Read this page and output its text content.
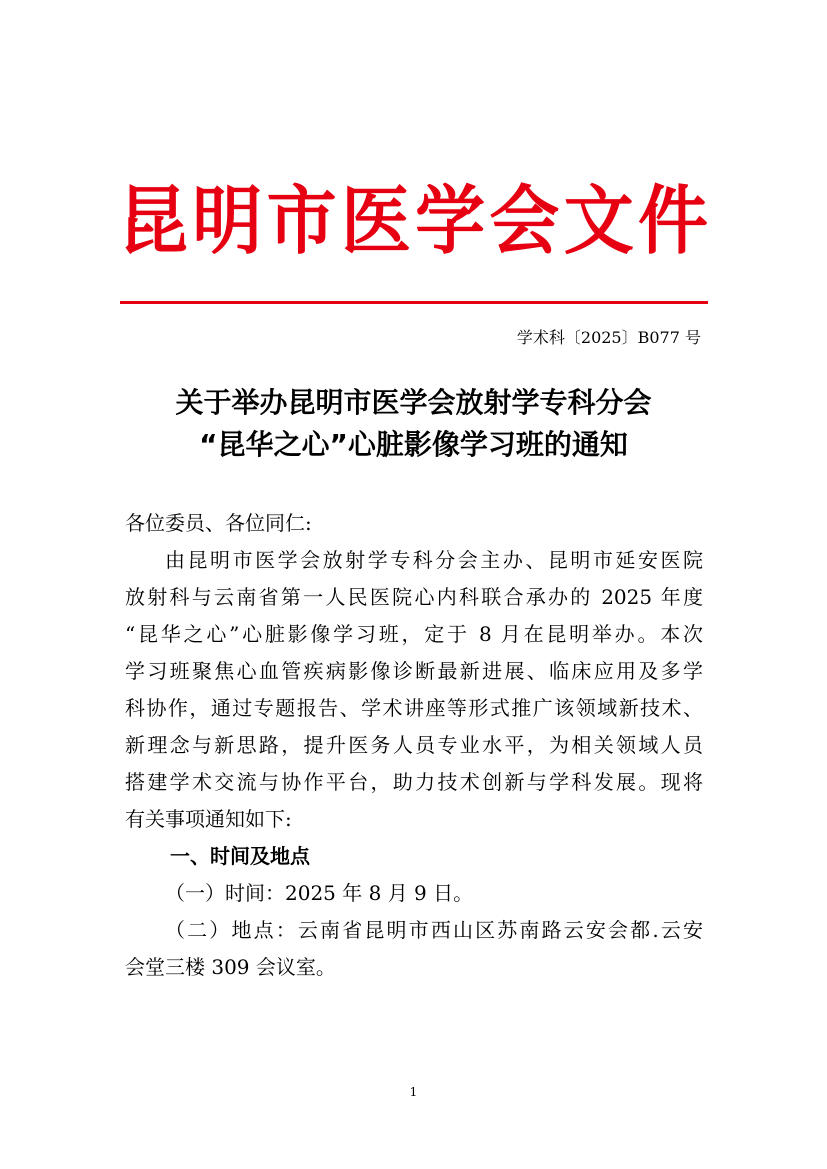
昆 明 市 医 学 会 文 件
学术科〔2025〕B077 号
关于举办昆明市医学会放射学专科分会
“昆华之心”心脏影像学习班的通知

各位委员、各位同仁:

由昆明市医学会放射学专科分会主办、昆明市延安医院

放射科与云南省第一人民医院心内科联合承办的 2025 年度

“昆华之心”心脏影像学习班，定于 8 月在昆明举办。本次

学习班聚焦心血管疾病影像诊断最新进展、临床应用及多学

科协作，通过专题报告、学术讲座等形式推广该领域新技术、

新理念与新思路，提升医务人员专业水平，为相关领域人员

搭建学术交流与协作平台，助力技术创新与学科发展。现将

有关事项通知如下:

一、时间及地点

（一）时间：2025 年 8 月 9 日。

（二）地点：云南省昆明市西山区苏南路云安会都.云安

会堂三楼 309 会议室。

1
